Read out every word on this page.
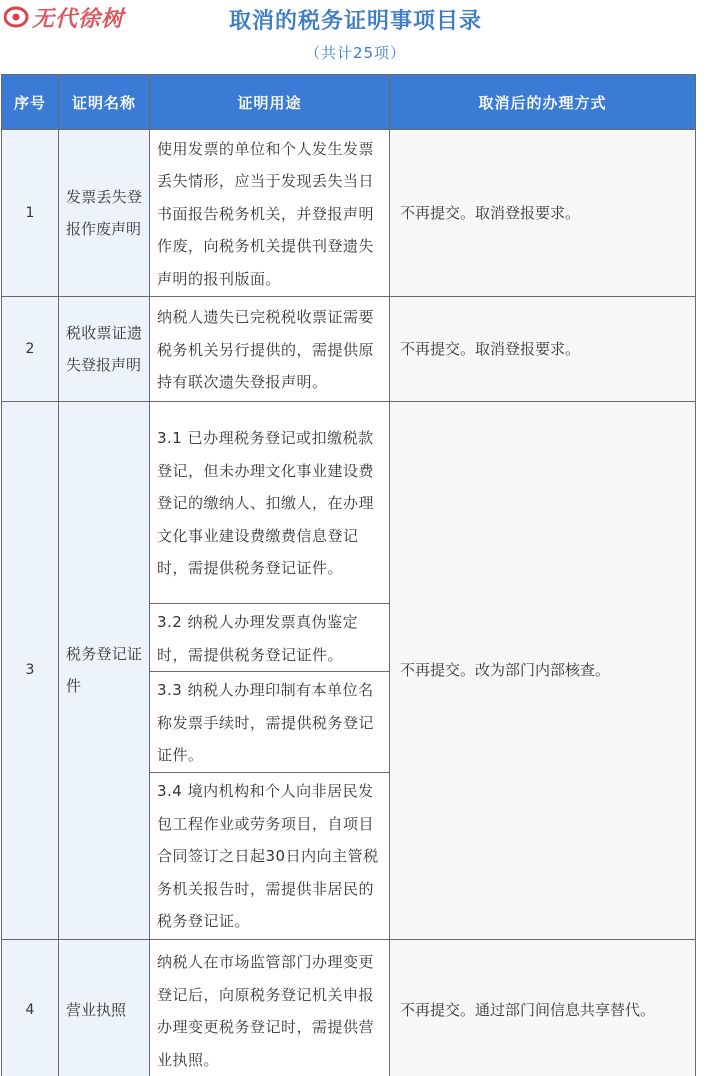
无代徐树	取消的税务证明事项目录
（共计25项）
序号	证明名称	证明用途	取消后的办理方式
1	发票丢失登报作废声明	使用发票的单位和个人发生发票丢失情形，应当于发现丢失当日书面报告税务机关，并登报声明作废，向税务机关提供刊登遗失声明的报刊版面。	不再提交。取消登报要求。
2	税收票证遗失登报声明	纳税人遗失已完税税收票证需要税务机关另行提供的，需提供原持有联次遗失登报声明。	不再提交。取消登报要求。
3	税务登记证件	3.1 已办理税务登记或扣缴税款登记，但未办理文化事业建设费登记的缴纳人、扣缴人，在办理文化事业建设费缴费信息登记时，需提供税务登记证件。	不再提交。改为部门内部核查。
		3.2 纳税人办理发票真伪鉴定时，需提供税务登记证件。	
		3.3 纳税人办理印制有本单位名称发票手续时，需提供税务登记证件。	
		3.4 境内机构和个人向非居民发包工程作业或劳务项目，自项目合同签订之日起30日内向主管税务机关报告时，需提供非居民的税务登记证。	
4	营业执照	纳税人在市场监管部门办理变更登记后，向原税务登记机关申报办理变更税务登记时，需提供营业执照。	不再提交。通过部门间信息共享替代。
